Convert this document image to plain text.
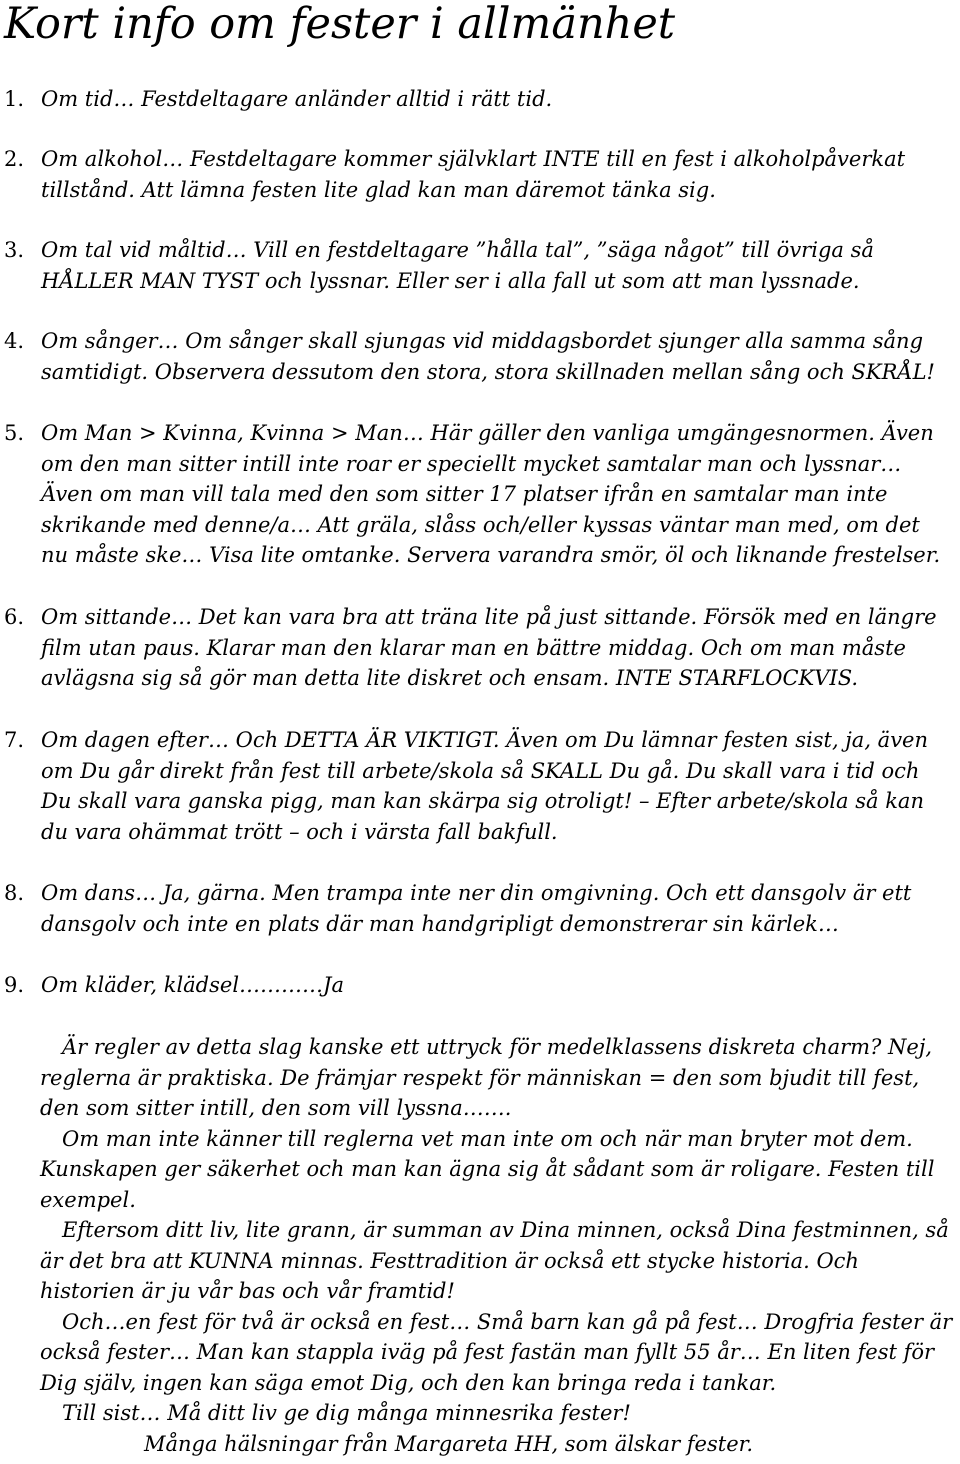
Kort info om fester i allmänhet
1. Om tid… Festdeltagare anländer alltid i rätt tid.
2. Om alkohol… Festdeltagare kommer självklart INTE till en fest i alkoholpåverkat tillstånd. Att lämna festen lite glad kan man däremot tänka sig.
3. Om tal vid måltid… Vill en festdeltagare ”hålla tal”, ”säga något” till övriga så HÅLLER MAN TYST och lyssnar. Eller ser i alla fall ut som att man lyssnade.
4. Om sånger… Om sånger skall sjungas vid middagsbordet sjunger alla samma sång samtidigt. Observera dessutom den stora, stora skillnaden mellan sång och SKRÅL!
5. Om Man > Kvinna, Kvinna > Man… Här gäller den vanliga umgängesnormen. Även om den man sitter intill inte roar er speciellt mycket samtalar man och lyssnar… Även om man vill tala med den som sitter 17 platser ifrån en samtalar man inte skrikande med denne/a… Att gräla, slåss och/eller kyssas väntar man med, om det nu måste ske… Visa lite omtanke. Servera varandra smör, öl och liknande frestelser.
6. Om sittande… Det kan vara bra att träna lite på just sittande. Försök med en längre film utan paus. Klarar man den klarar man en bättre middag. Och om man måste avlägsna sig så gör man detta lite diskret och ensam. INTE STARFLOCKVIS.
7. Om dagen efter… Och DETTA ÄR VIKTIGT. Även om Du lämnar festen sist, ja, även om Du går direkt från fest till arbete/skola så SKALL Du gå. Du skall vara i tid och Du skall vara ganska pigg, man kan skärpa sig otroligt! – Efter arbete/skola så kan du vara ohämmat trött – och i värsta fall bakfull.
8. Om dans… Ja, gärna. Men trampa inte ner din omgivning. Och ett dansgolv är ett dansgolv och inte en plats där man handgripligt demonstrerar sin kärlek…
9. Om kläder, klädsel…………Ja

Är regler av detta slag kanske ett uttryck för medelklassens diskreta charm? Nej, reglerna är praktiska. De främjar respekt för människan = den som bjudit till fest, den som sitter intill, den som vill lyssna…….

Om man inte känner till reglerna vet man inte om och när man bryter mot dem. Kunskapen ger säkerhet och man kan ägna sig åt sådant som är roligare. Festen till exempel.

Eftersom ditt liv, lite grann, är summan av Dina minnen, också Dina festminnen, så är det bra att KUNNA minnas. Festtradition är också ett stycke historia. Och historien är ju vår bas och vår framtid!

Och…en fest för två är också en fest… Små barn kan gå på fest… Drogfria fester är också fester… Man kan stappla iväg på fest fastän man fyllt 55 år… En liten fest för Dig själv, ingen kan säga emot Dig, och den kan bringa reda i tankar.

Till sist… Må ditt liv ge dig många minnesrika fester!

Många hälsningar från Margareta HH, som älskar fester.
